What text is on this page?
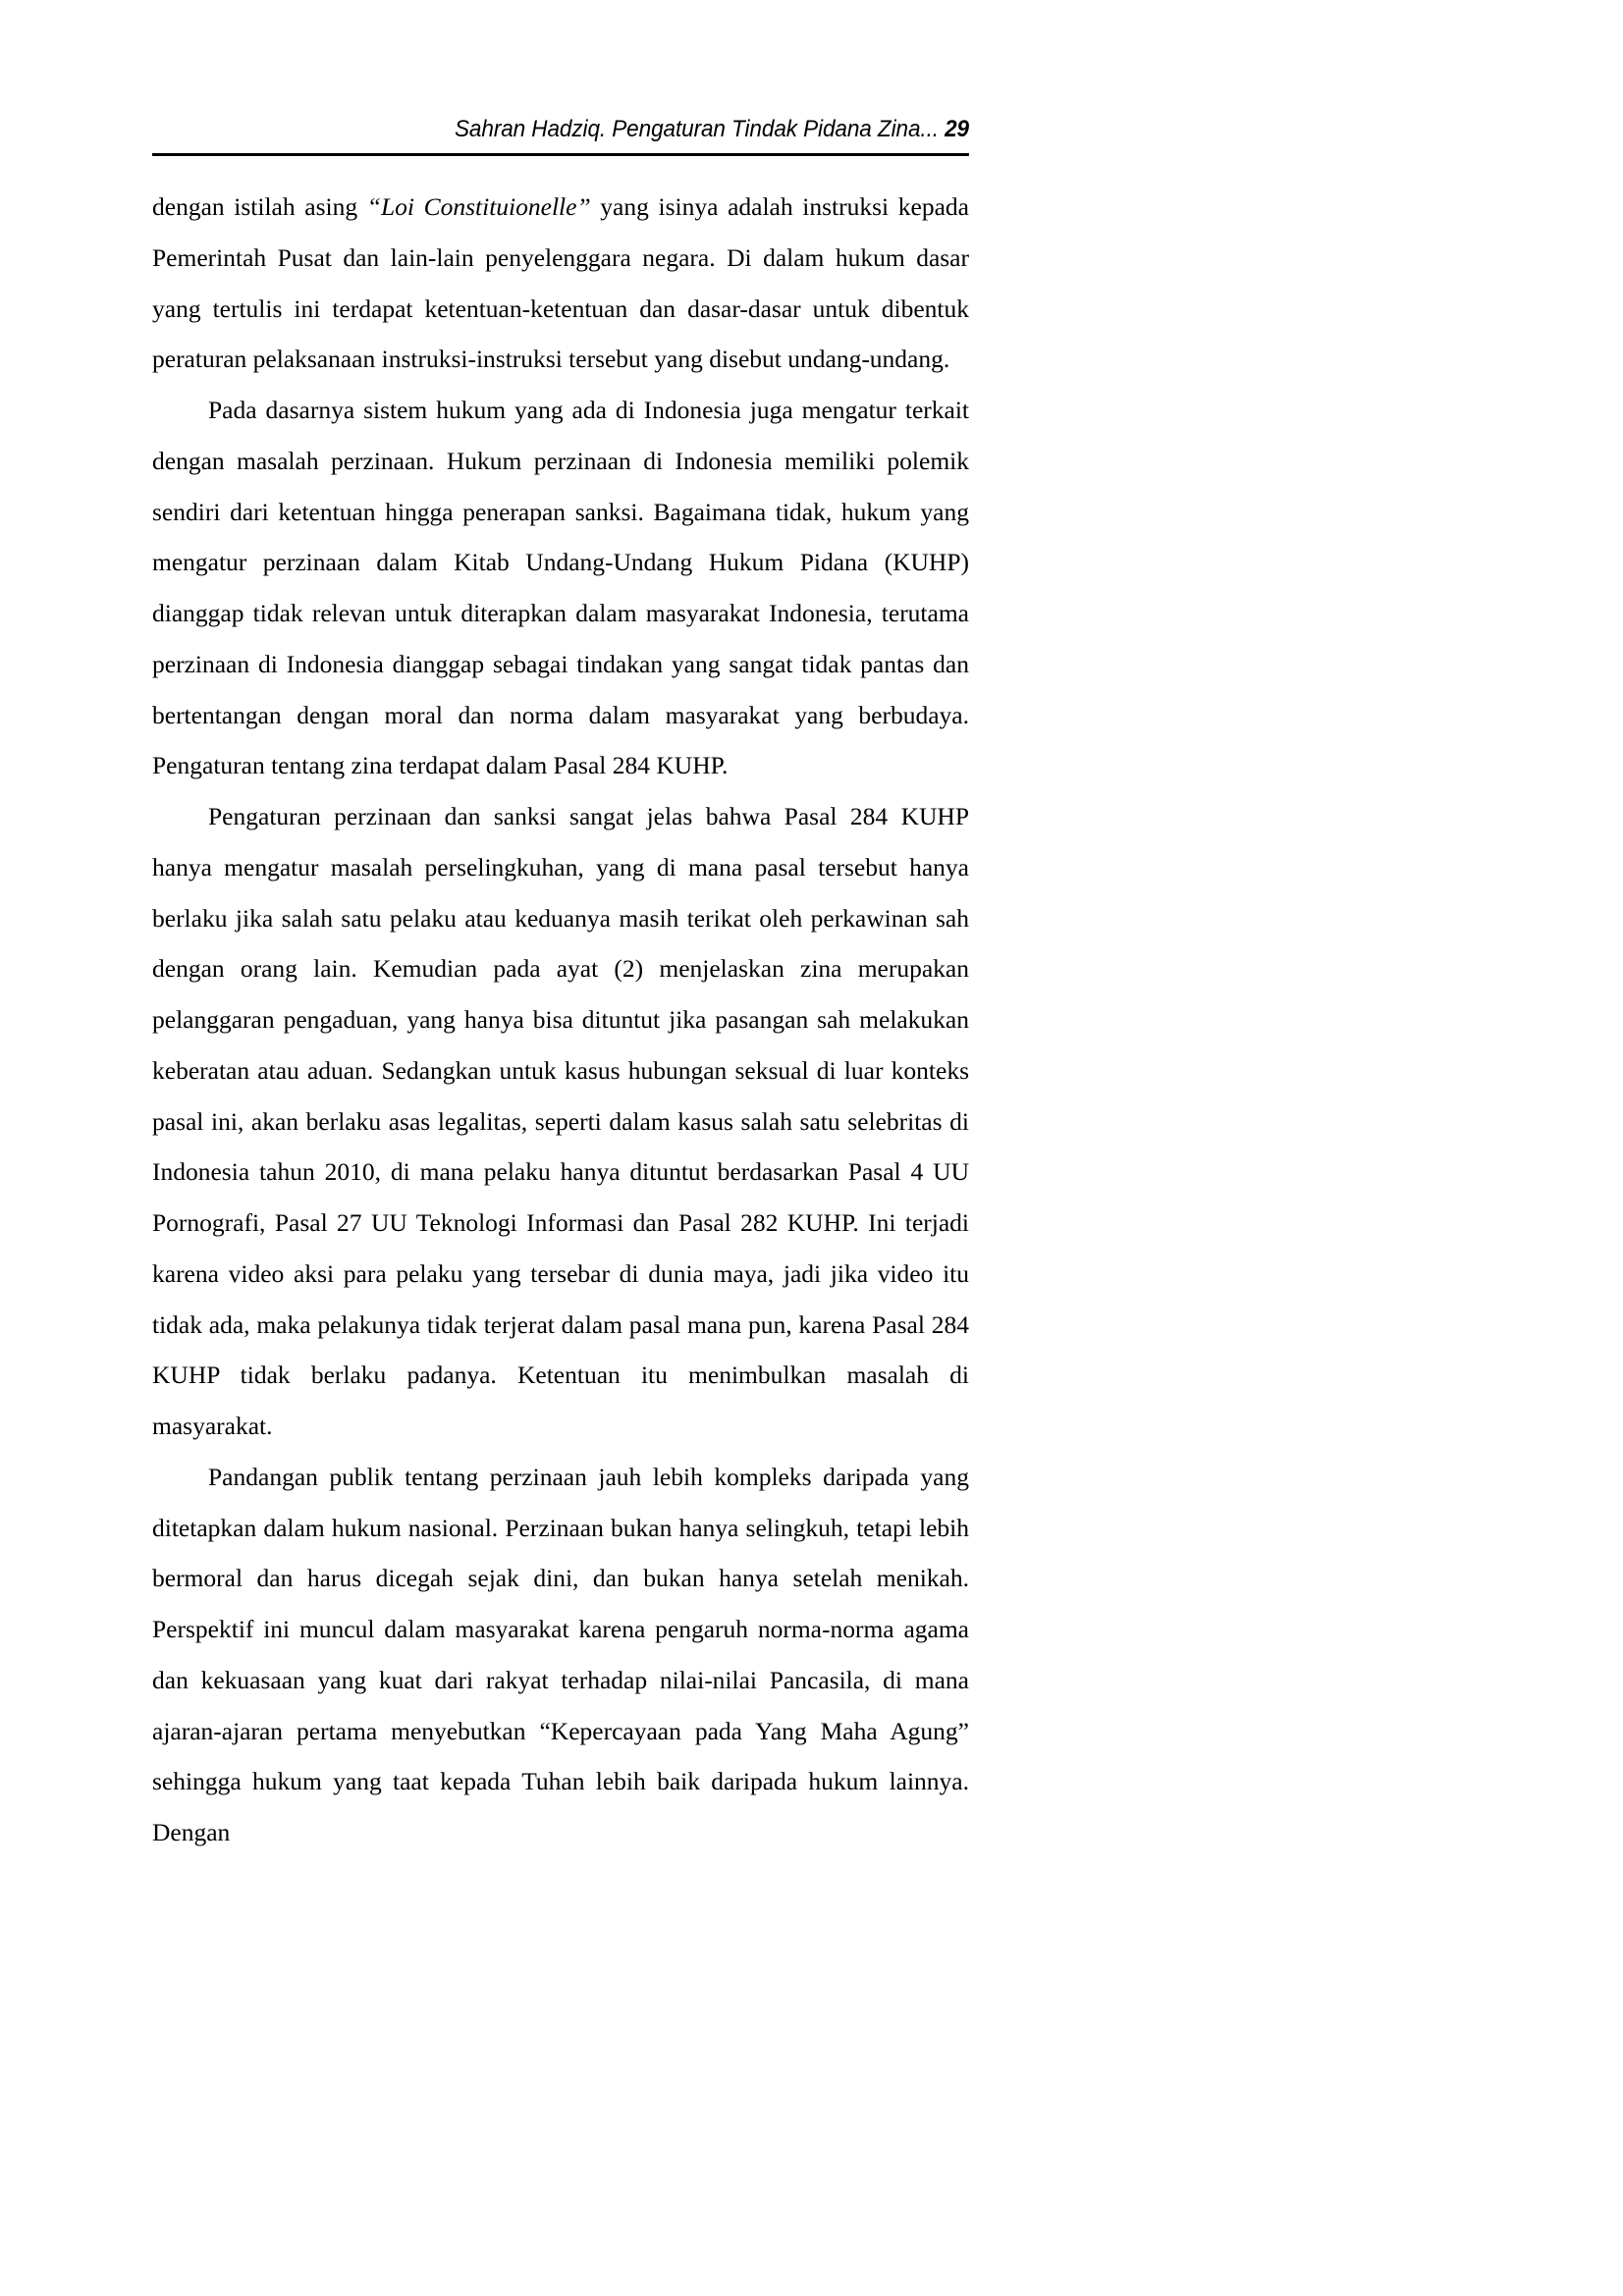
Sahran Hadziq. Pengaturan Tindak Pidana Zina... 29

dengan istilah asing “Loi Constituionelle” yang isinya adalah instruksi kepada Pemerintah Pusat dan lain-lain penyelenggara negara. Di dalam hukum dasar yang tertulis ini terdapat ketentuan-ketentuan dan dasar-dasar untuk dibentuk peraturan pelaksanaan instruksi-instruksi tersebut yang disebut undang-undang.

Pada dasarnya sistem hukum yang ada di Indonesia juga mengatur terkait dengan masalah perzinaan. Hukum perzinaan di Indonesia memiliki polemik sendiri dari ketentuan hingga penerapan sanksi. Bagaimana tidak, hukum yang mengatur perzinaan dalam Kitab Undang-Undang Hukum Pidana (KUHP) dianggap tidak relevan untuk diterapkan dalam masyarakat Indonesia, terutama perzinaan di Indonesia dianggap sebagai tindakan yang sangat tidak pantas dan bertentangan dengan moral dan norma dalam masyarakat yang berbudaya. Pengaturan tentang zina terdapat dalam Pasal 284 KUHP.

Pengaturan perzinaan dan sanksi sangat jelas bahwa Pasal 284 KUHP hanya mengatur masalah perselingkuhan, yang di mana pasal tersebut hanya berlaku jika salah satu pelaku atau keduanya masih terikat oleh perkawinan sah dengan orang lain. Kemudian pada ayat (2) menjelaskan zina merupakan pelanggaran pengaduan, yang hanya bisa dituntut jika pasangan sah melakukan keberatan atau aduan. Sedangkan untuk kasus hubungan seksual di luar konteks pasal ini, akan berlaku asas legalitas, seperti dalam kasus salah satu selebritas di Indonesia tahun 2010, di mana pelaku hanya dituntut berdasarkan Pasal 4 UU Pornografi, Pasal 27 UU Teknologi Informasi dan Pasal 282 KUHP. Ini terjadi karena video aksi para pelaku yang tersebar di dunia maya, jadi jika video itu tidak ada, maka pelakunya tidak terjerat dalam pasal mana pun, karena Pasal 284 KUHP tidak berlaku padanya. Ketentuan itu menimbulkan masalah di masyarakat.

Pandangan publik tentang perzinaan jauh lebih kompleks daripada yang ditetapkan dalam hukum nasional. Perzinaan bukan hanya selingkuh, tetapi lebih bermoral dan harus dicegah sejak dini, dan bukan hanya setelah menikah. Perspektif ini muncul dalam masyarakat karena pengaruh norma-norma agama dan kekuasaan yang kuat dari rakyat terhadap nilai-nilai Pancasila, di mana ajaran-ajaran pertama menyebutkan “Kepercayaan pada Yang Maha Agung” sehingga hukum yang taat kepada Tuhan lebih baik daripada hukum lainnya. Dengan
